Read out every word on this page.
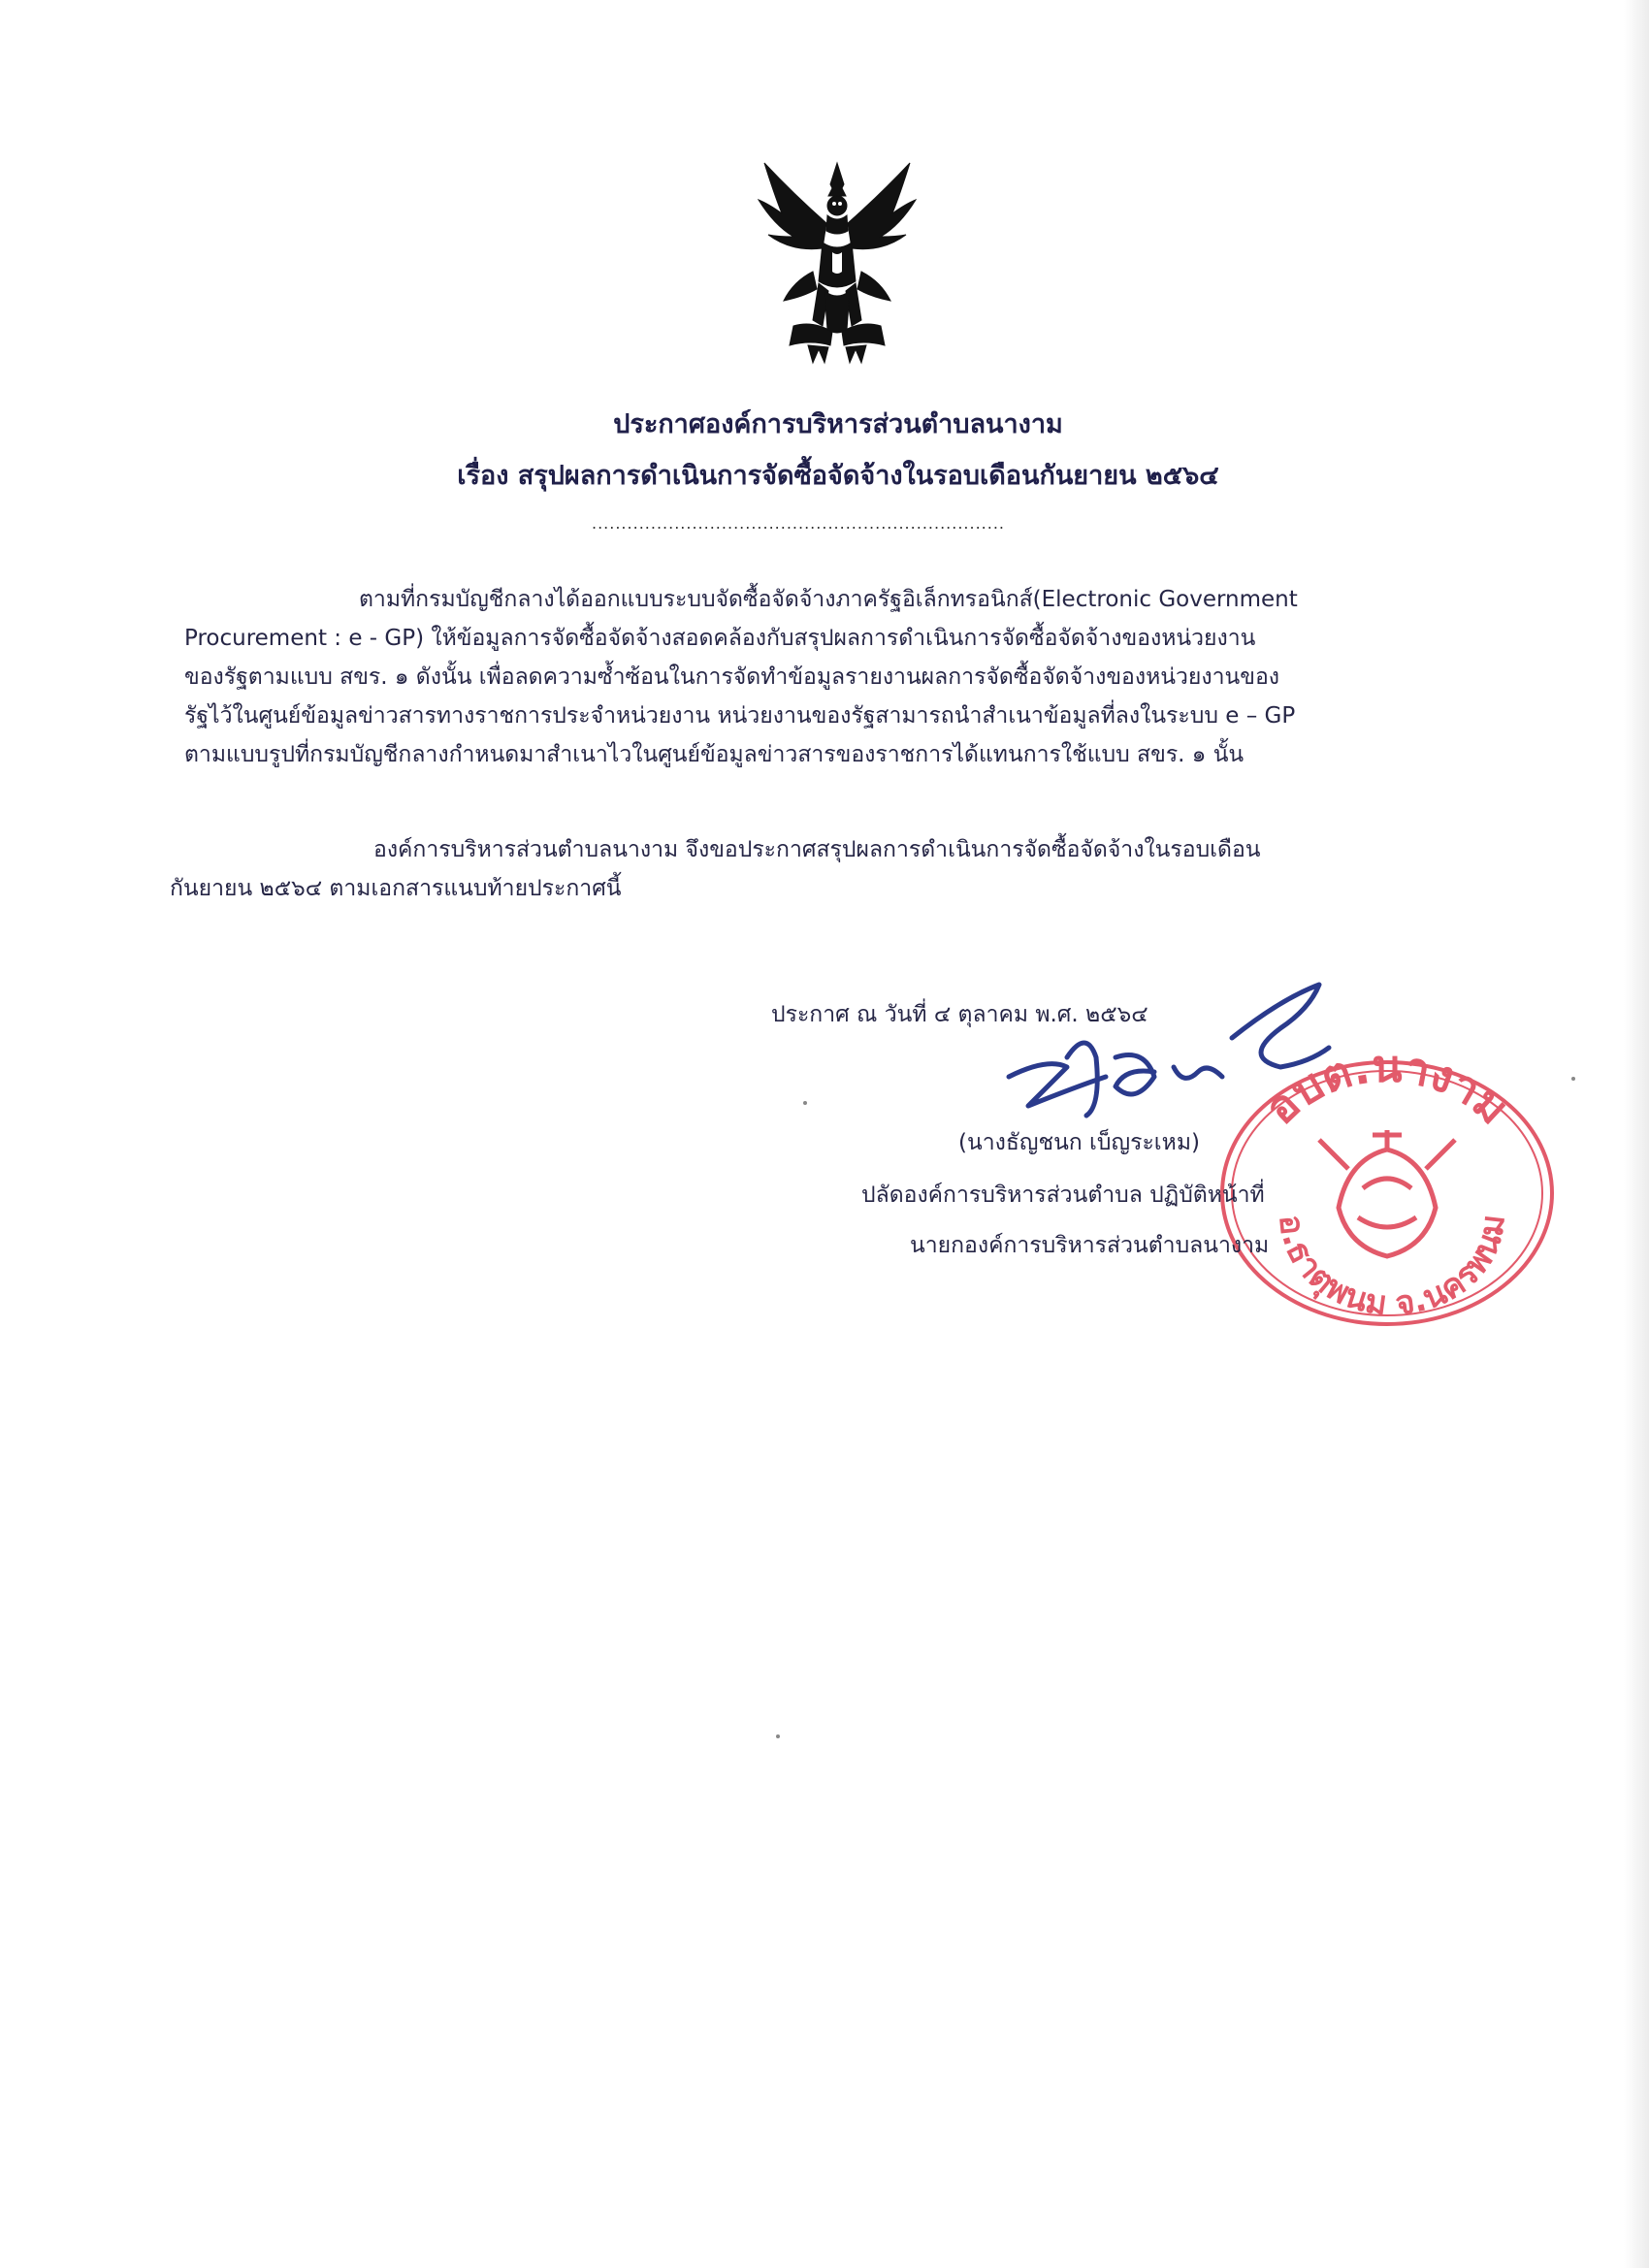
ประกาศองค์การบริหารส่วนตำบลนางาม
เรื่อง สรุปผลการดำเนินการจัดซื้อจัดจ้างในรอบเดือนกันยายน ๒๕๖๔
......................................................................
ตามที่กรมบัญชีกลางได้ออกแบบระบบจัดซื้อจัดจ้างภาครัฐอิเล็กทรอนิกส์(Electronic Government
Procurement : e - GP) ให้ข้อมูลการจัดซื้อจัดจ้างสอดคล้องกับสรุปผลการดำเนินการจัดซื้อจัดจ้างของหน่วยงาน
ของรัฐตามแบบ สขร. ๑ ดังนั้น เพื่อลดความซ้ำซ้อนในการจัดทำข้อมูลรายงานผลการจัดซื้อจัดจ้างของหน่วยงานของ
รัฐไว้ในศูนย์ข้อมูลข่าวสารทางราชการประจำหน่วยงาน หน่วยงานของรัฐสามารถนำสำเนาข้อมูลที่ลงในระบบ e – GP
ตามแบบรูปที่กรมบัญชีกลางกำหนดมาสำเนาไวในศูนย์ข้อมูลข่าวสารของราชการได้แทนการใช้แบบ สขร. ๑ นั้น
องค์การบริหารส่วนตำบลนางาม จึงขอประกาศสรุปผลการดำเนินการจัดซื้อจัดจ้างในรอบเดือน
กันยายน ๒๕๖๔ ตามเอกสารแนบท้ายประกาศนี้
ประกาศ ณ วันที่ ๔ ตุลาคม พ.ศ. ๒๕๖๔
อบต.นางาม
อ.ธาตุพนม จ.นครพนม
(นางธัญชนก เบ็ญระเหม)
ปลัดองค์การบริหารส่วนตำบล ปฏิบัติหน้าที่
นายกองค์การบริหารส่วนตำบลนางาม
